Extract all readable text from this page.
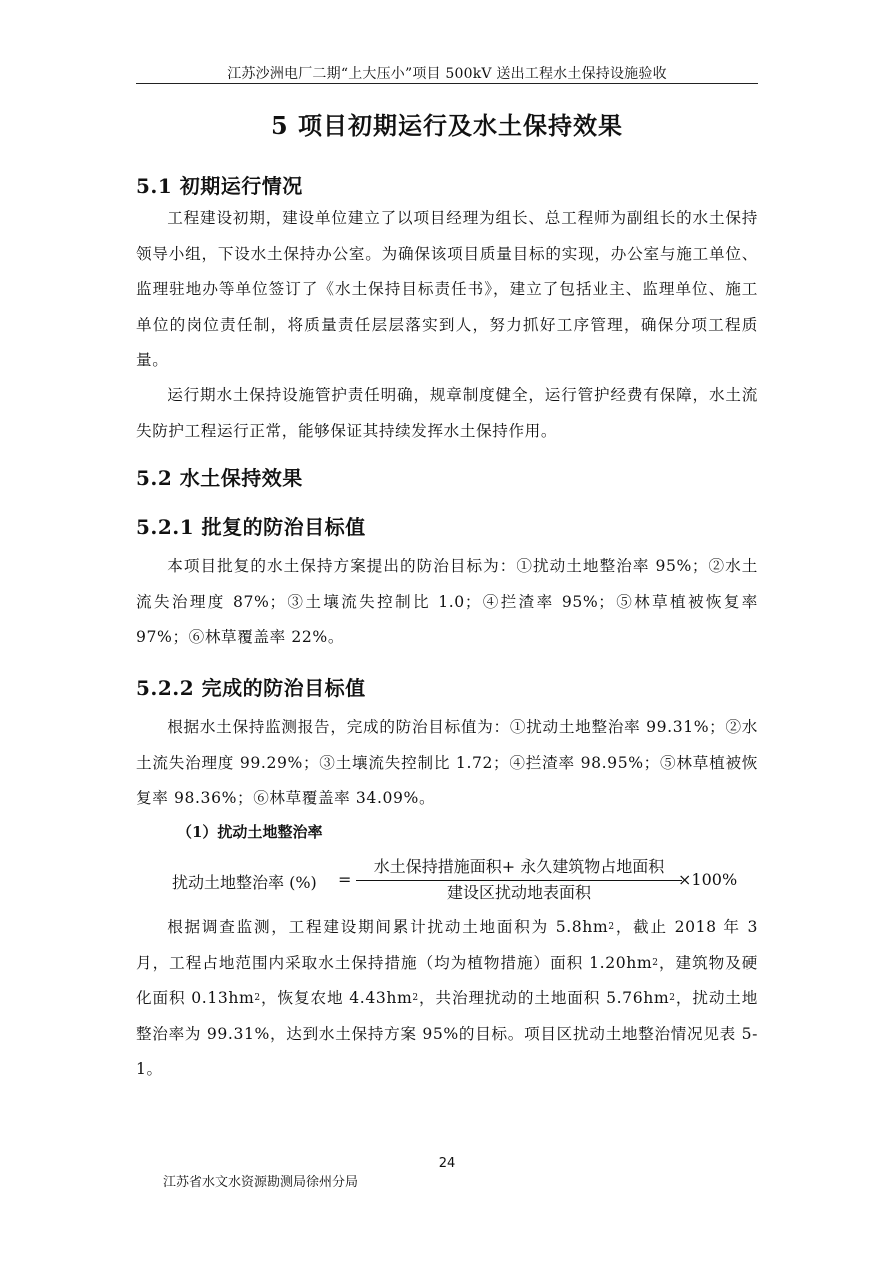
江苏沙洲电厂二期“上大压小”项目 500kV 送出工程水土保持设施验收
5 项目初期运行及水土保持效果
5.1 初期运行情况

工程建设初期，建设单位建立了以项目经理为组长、总工程师为副组长的水土保持领导小组，下设水土保持办公室。为确保该项目质量目标的实现，办公室与施工单位、监理驻地办等单位签订了《水土保持目标责任书》，建立了包括业主、监理单位、施工单位的岗位责任制，将质量责任层层落实到人，努力抓好工序管理，确保分项工程质量。

运行期水土保持设施管护责任明确，规章制度健全，运行管护经费有保障，水土流失防护工程运行正常，能够保证其持续发挥水土保持作用。

5.2 水土保持效果
5.2.1 批复的防治目标值

本项目批复的水土保持方案提出的防治目标为：①扰动土地整治率 95%；②水土流失治理度 87%；③土壤流失控制比 1.0；④拦渣率 95%；⑤林草植被恢复率 97%；⑥林草覆盖率 22%。

5.2.2 完成的防治目标值

根据水土保持监测报告，完成的防治目标值为：①扰动土地整治率 99.31%；②水土流失治理度 99.29%；③土壤流失控制比 1.72；④拦渣率 98.95%；⑤林草植被恢复率 98.36%；⑥林草覆盖率 34.09%。

（1）扰动土地整治率
扰动土地整治率 (%) =
水土保持措施面积+ 永久建筑物占地面积
建设区扰动地表面积
×100%

根据调查监测，工程建设期间累计扰动土地面积为 $5.8hm^2$，截止 2018 年 3 月，工程占地范围内采取水土保持措施（均为植物措施）面积 $1.20hm^2$，建筑物及硬化面积 $0.13hm^2$，恢复农地 $4.43hm^2$，共治理扰动的土地面积 $5.76hm^2$，扰动土地整治率为 99.31%，达到水土保持方案 95%的目标。项目区扰动土地整治情况见表 5-1。

24
江苏省水文水资源勘测局徐州分局
